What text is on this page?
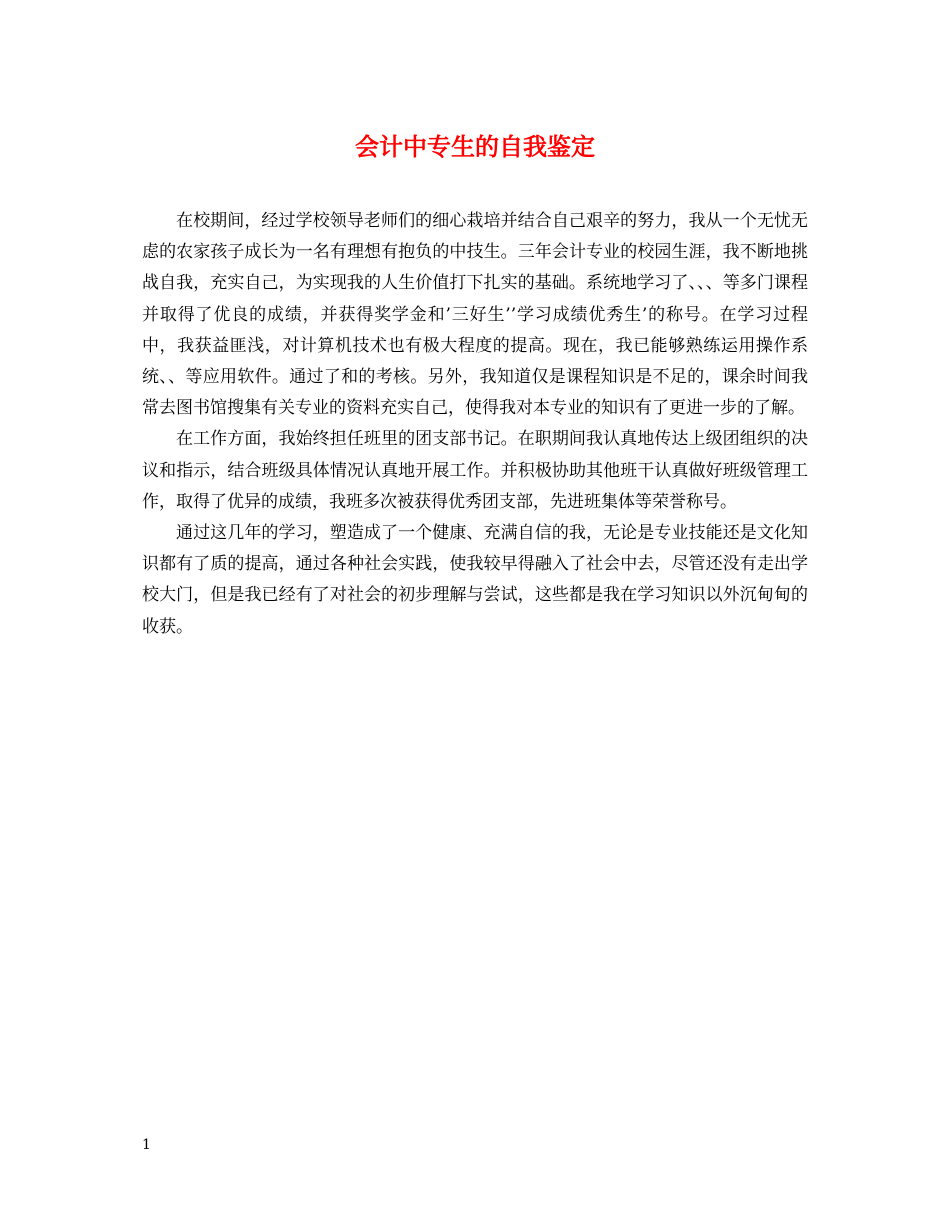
会计中专生的自我鉴定

在校期间，经过学校领导老师们的细心栽培并结合自己艰辛的努力，我从一个无忧无虑的农家孩子成长为一名有理想有抱负的中技生。三年会计专业的校园生涯，我不断地挑战自我，充实自己，为实现我的人生价值打下扎实的基础。系统地学习了、、、等多门课程并取得了优良的成绩，并获得奖学金和’三好生’’学习成绩优秀生’的称号。在学习过程中，我获益匪浅，对计算机技术也有极大程度的提高。现在，我已能够熟练运用操作系统、、等应用软件。通过了和的考核。另外，我知道仅是课程知识是不足的，课余时间我常去图书馆搜集有关专业的资料充实自己，使得我对本专业的知识有了更进一步的了解。

在工作方面，我始终担任班里的团支部书记。在职期间我认真地传达上级团组织的决议和指示，结合班级具体情况认真地开展工作。并积极协助其他班干认真做好班级管理工作，取得了优异的成绩，我班多次被获得优秀团支部，先进班集体等荣誉称号。

通过这几年的学习，塑造成了一个健康、充满自信的我，无论是专业技能还是文化知识都有了质的提高，通过各种社会实践，使我较早得融入了社会中去，尽管还没有走出学校大门，但是我已经有了对社会的初步理解与尝试，这些都是我在学习知识以外沉甸甸的收获。

1
